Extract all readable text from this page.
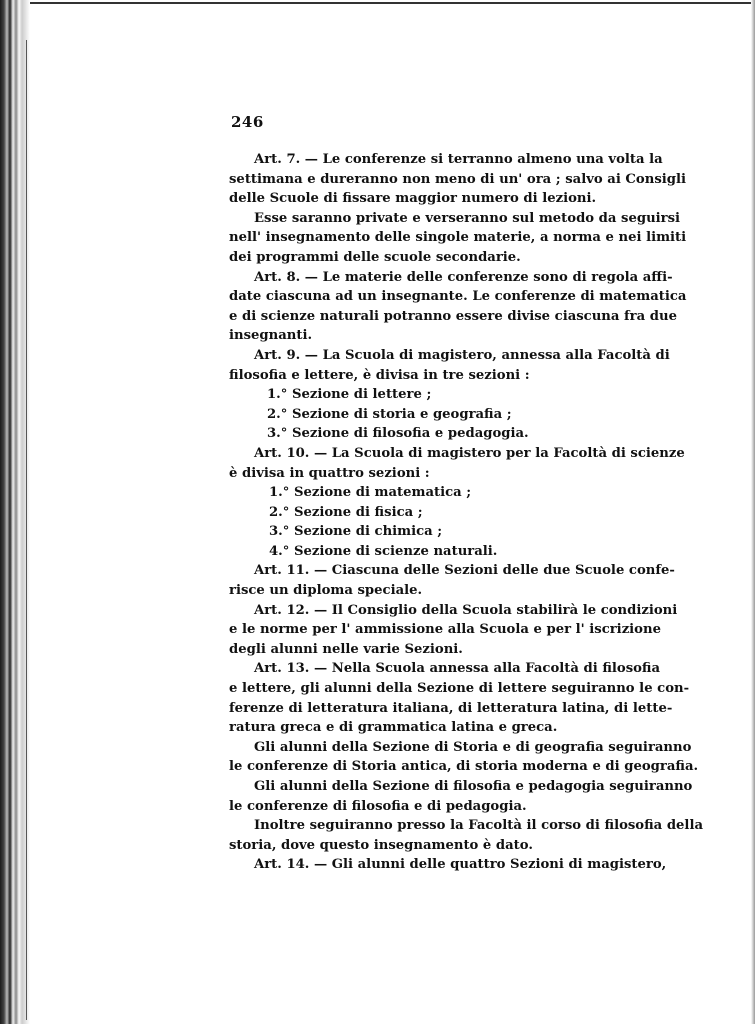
246
Art. 7. — Le conferenze si terranno almeno una volta la
settimana e dureranno non meno di un' ora ; salvo ai Consigli
delle Scuole di fissare maggior numero di lezioni.
Esse saranno private e verseranno sul metodo da seguirsi
nell' insegnamento delle singole materie, a norma e nei limiti
dei programmi delle scuole secondarie.
Art. 8. — Le materie delle conferenze sono di regola affi-
date ciascuna ad un insegnante. Le conferenze di matematica
e di scienze naturali potranno essere divise ciascuna fra due
insegnanti.
Art. 9. — La Scuola di magistero, annessa alla Facoltà di
filosofia e lettere, è divisa in tre sezioni :
1.° Sezione di lettere ;
2.° Sezione di storia e geografia ;
3.° Sezione di filosofia e pedagogia.
Art. 10. — La Scuola di magistero per la Facoltà di scienze
è divisa in quattro sezioni :
1.° Sezione di matematica ;
2.° Sezione di fisica ;
3.° Sezione di chimica ;
4.° Sezione di scienze naturali.
Art. 11. — Ciascuna delle Sezioni delle due Scuole confe-
risce un diploma speciale.
Art. 12. — Il Consiglio della Scuola stabilirà le condizioni
e le norme per l' ammissione alla Scuola e per l' iscrizione
degli alunni nelle varie Sezioni.
Art. 13. — Nella Scuola annessa alla Facoltà di filosofia
e lettere, gli alunni della Sezione di lettere seguiranno le con-
ferenze di letteratura italiana, di letteratura latina, di lette-
ratura greca e di grammatica latina e greca.
Gli alunni della Sezione di Storia e di geografia seguiranno
le conferenze di Storia antica, di storia moderna e di geografia.
Gli alunni della Sezione di filosofia e pedagogia seguiranno
le conferenze di filosofia e di pedagogia.
Inoltre seguiranno presso la Facoltà il corso di filosofia della
storia, dove questo insegnamento è dato.
Art. 14. — Gli alunni delle quattro Sezioni di magistero,
